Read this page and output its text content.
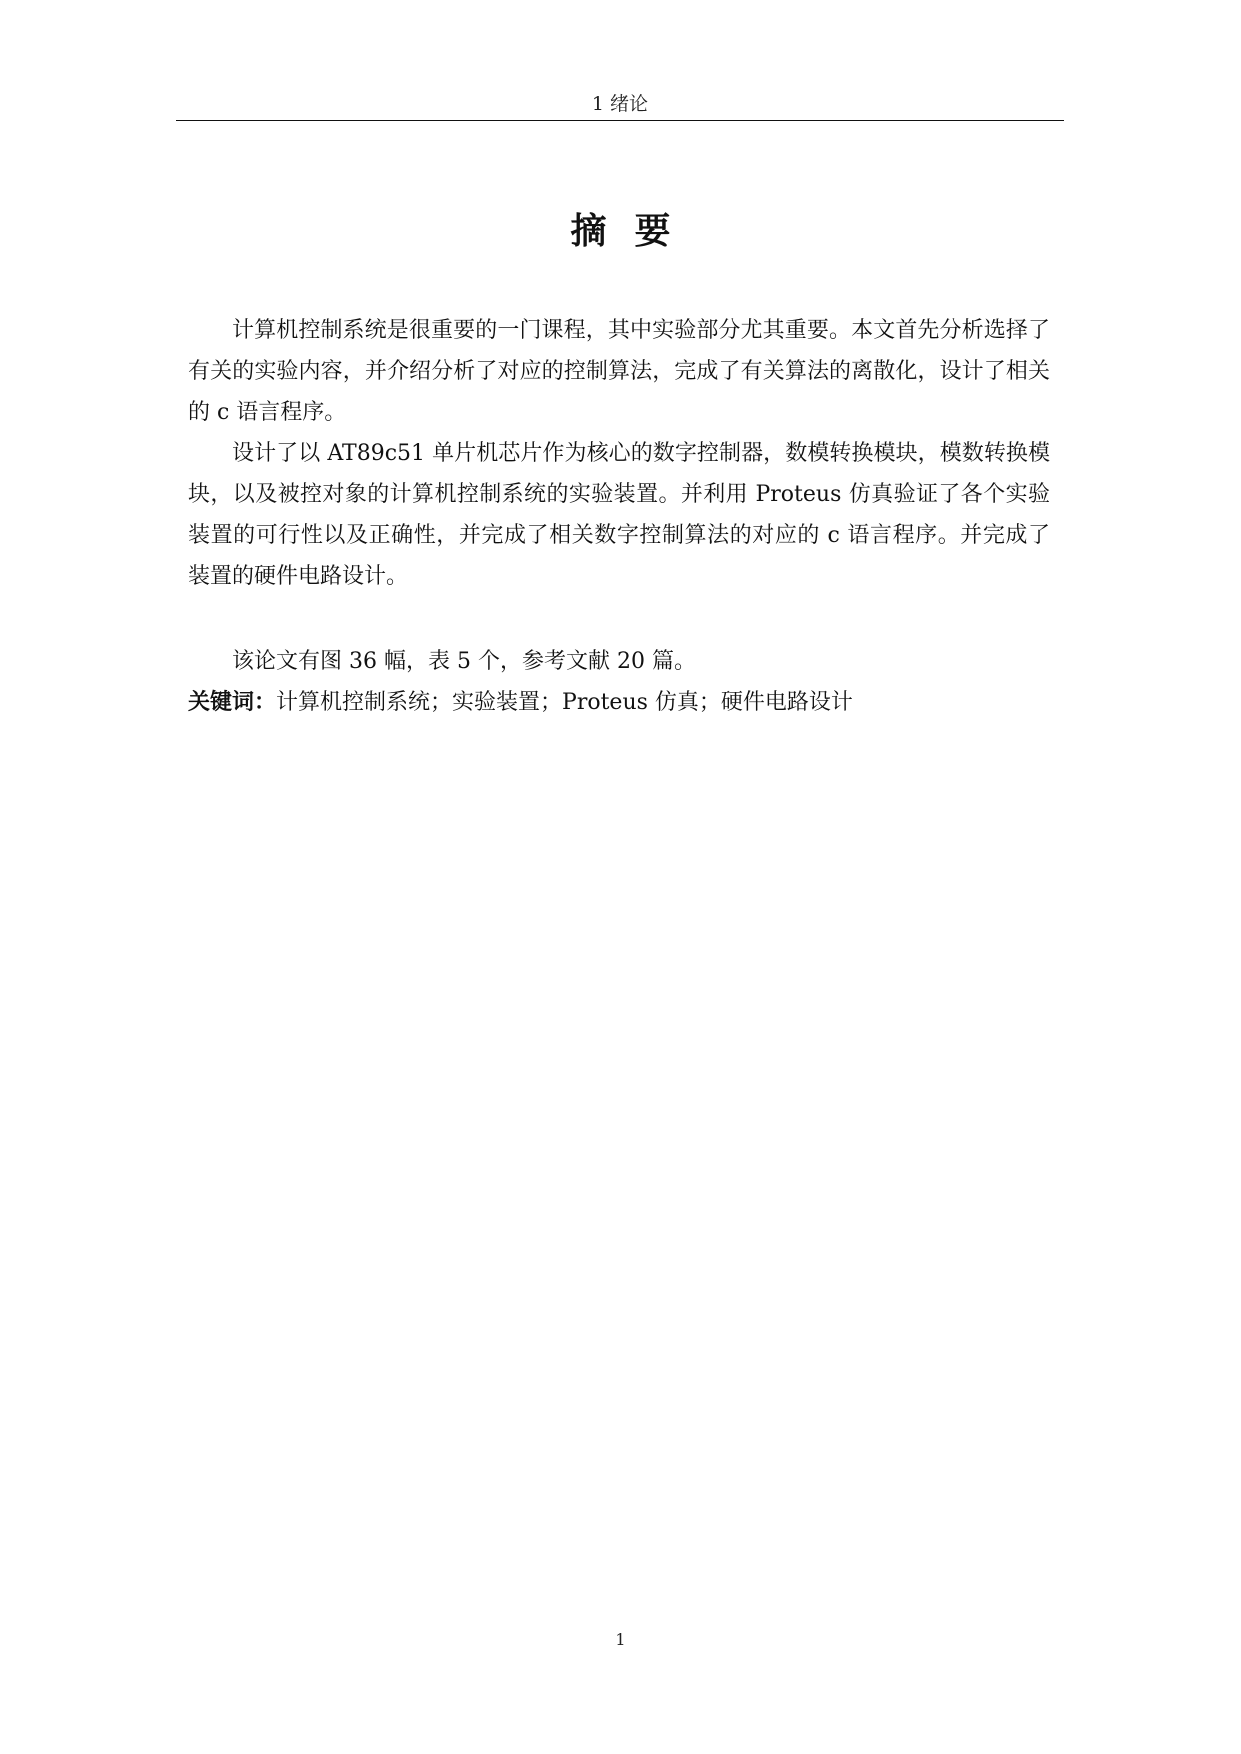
1 绪论
摘要

计算机控制系统是很重要的一门课程，其中实验部分尤其重要。本文首先分析选择了有关的实验内容，并介绍分析了对应的控制算法，完成了有关算法的离散化，设计了相关的 c 语言程序。

设计了以 AT89c51 单片机芯片作为核心的数字控制器，数模转换模块，模数转换模块，以及被控对象的计算机控制系统的实验装置。并利用 Proteus 仿真验证了各个实验装置的可行性以及正确性，并完成了相关数字控制算法的对应的 c 语言程序。并完成了装置的硬件电路设计。

该论文有图 36 幅，表 5 个，参考文献 20 篇。

关键词：计算机控制系统；实验装置；Proteus 仿真；硬件电路设计

1
